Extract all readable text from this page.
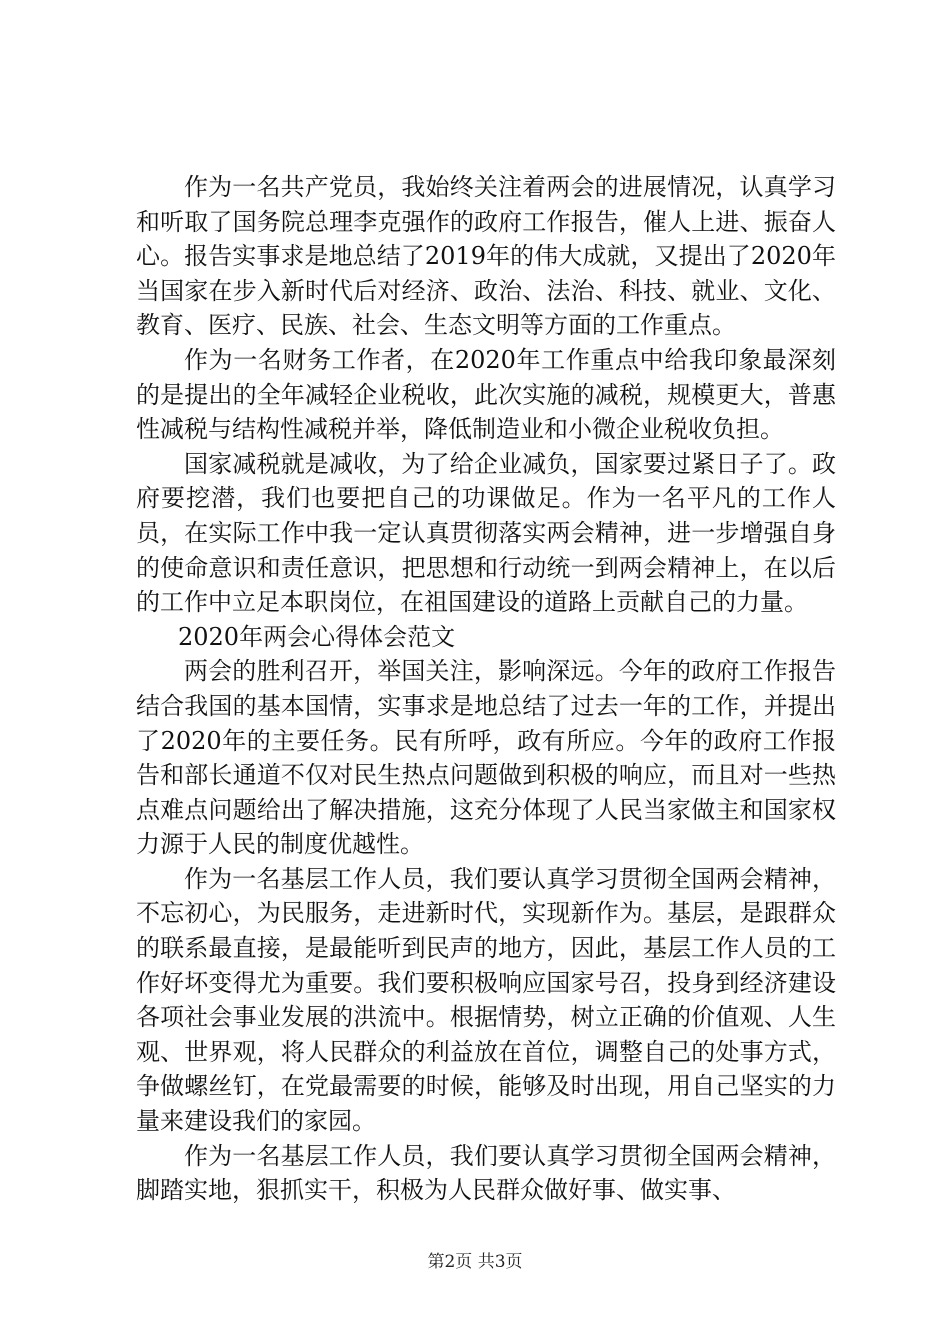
作为一名共产党员，我始终关注着两会的进展情况，认真学习和听取了国务院总理李克强作的政府工作报告，催人上进、振奋人心。报告实事求是地总结了2019年的伟大成就，又提出了2020年当国家在步入新时代后对经济、政治、法治、科技、就业、文化、教育、医疗、民族、社会、生态文明等方面的工作重点。

作为一名财务工作者，在2020年工作重点中给我印象最深刻的是提出的全年减轻企业税收，此次实施的减税，规模更大，普惠性减税与结构性减税并举，降低制造业和小微企业税收负担。

国家减税就是减收，为了给企业减负，国家要过紧日子了。政府要挖潜，我们也要把自己的功课做足。作为一名平凡的工作人员，在实际工作中我一定认真贯彻落实两会精神，进一步增强自身的使命意识和责任意识，把思想和行动统一到两会精神上，在以后的工作中立足本职岗位，在祖国建设的道路上贡献自己的力量。

2020年两会心得体会范文

两会的胜利召开，举国关注，影响深远。今年的政府工作报告结合我国的基本国情，实事求是地总结了过去一年的工作，并提出了2020年的主要任务。民有所呼，政有所应。今年的政府工作报告和部长通道不仅对民生热点问题做到积极的响应，而且对一些热点难点问题给出了解决措施，这充分体现了人民当家做主和国家权力源于人民的制度优越性。

作为一名基层工作人员，我们要认真学习贯彻全国两会精神，不忘初心，为民服务，走进新时代，实现新作为。基层，是跟群众的联系最直接，是最能听到民声的地方，因此，基层工作人员的工作好坏变得尤为重要。我们要积极响应国家号召，投身到经济建设各项社会事业发展的洪流中。根据情势，树立正确的价值观、人生观、世界观，将人民群众的利益放在首位，调整自己的处事方式，争做螺丝钉，在党最需要的时候，能够及时出现，用自己坚实的力量来建设我们的家园。

作为一名基层工作人员，我们要认真学习贯彻全国两会精神，脚踏实地，狠抓实干，积极为人民群众做好事、做实事、

第2页 共3页
